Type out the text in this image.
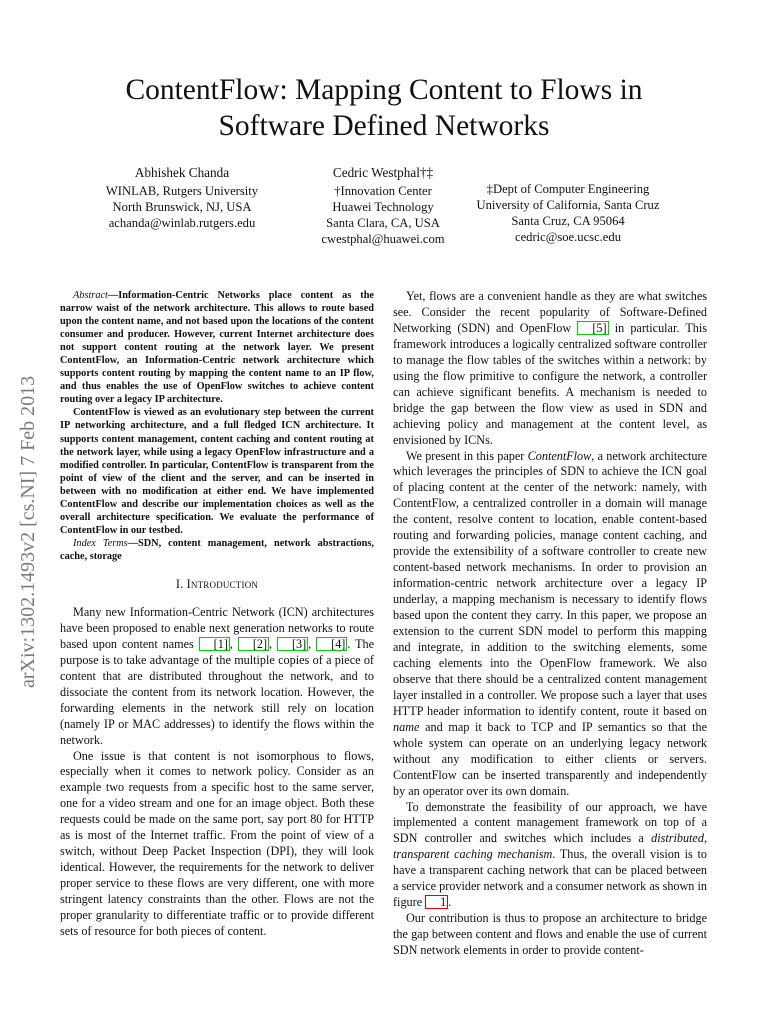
ContentFlow: Mapping Content to Flows in
Software Defined Networks
Abhishek Chanda
WINLAB, Rutgers University
North Brunswick, NJ, USA
achanda@winlab.rutgers.edu
Cedric Westphal†‡
†Innovation Center
Huawei Technology
Santa Clara, CA, USA
cwestphal@huawei.com
‡Dept of Computer Engineering
University of California, Santa Cruz
Santa Cruz, CA 95064
cedric@soe.ucsc.edu
arXiv:1302.1493v2 [cs.NI] 7 Feb 2013

Abstract—Information-Centric Networks place content as the narrow waist of the network architecture. This allows to route based upon the content name, and not based upon the locations of the content consumer and producer. However, current Internet architecture does not support content routing at the network layer. We present ContentFlow, an Information-Centric network architecture which supports content routing by mapping the content name to an IP flow, and thus enables the use of OpenFlow switches to achieve content routing over a legacy IP architecture.

ContentFlow is viewed as an evolutionary step between the current IP networking architecture, and a full fledged ICN architecture. It supports content management, content caching and content routing at the network layer, while using a legacy OpenFlow infrastructure and a modified controller. In particular, ContentFlow is transparent from the point of view of the client and the server, and can be inserted in between with no modification at either end. We have implemented ContentFlow and describe our implementation choices as well as the overall architecture specification. We evaluate the performance of ContentFlow in our testbed.

Index Terms—SDN, content management, network abstractions, cache, storage

I. Introduction

Many new Information-Centric Network (ICN) architectures have been proposed to enable next generation networks to route based upon content names [1] , [2] , [3] , [4] . The purpose is to take advantage of the multiple copies of a piece of content that are distributed throughout the network, and to dissociate the content from its network location. However, the forwarding elements in the network still rely on location (namely IP or MAC addresses) to identify the flows within the network.

One issue is that content is not isomorphous to flows, especially when it comes to network policy. Consider as an example two requests from a specific host to the same server, one for a video stream and one for an image object. Both these requests could be made on the same port, say port 80 for HTTP as is most of the Internet traffic. From the point of view of a switch, without Deep Packet Inspection (DPI), they will look identical. However, the requirements for the network to deliver proper service to these flows are very different, one with more stringent latency constraints than the other. Flows are not the proper granularity to differentiate traffic or to provide different sets of resource for both pieces of content.

Yet, flows are a convenient handle as they are what switches see. Consider the recent popularity of Software-Defined Networking (SDN) and OpenFlow [5] in particular. This framework introduces a logically centralized software controller to manage the flow tables of the switches within a network: by using the flow primitive to configure the network, a controller can achieve significant benefits. A mechanism is needed to bridge the gap between the flow view as used in SDN and achieving policy and management at the content level, as envisioned by ICNs.

We present in this paper ContentFlow, a network architecture which leverages the principles of SDN to achieve the ICN goal of placing content at the center of the network: namely, with ContentFlow, a centralized controller in a domain will manage the content, resolve content to location, enable content-based routing and forwarding policies, manage content caching, and provide the extensibility of a software controller to create new content-based network mechanisms. In order to provision an information-centric network architecture over a legacy IP underlay, a mapping mechanism is necessary to identify flows based upon the content they carry. In this paper, we propose an extension to the current SDN model to perform this mapping and integrate, in addition to the switching elements, some caching elements into the OpenFlow framework. We also observe that there should be a centralized content management layer installed in a controller. We propose such a layer that uses HTTP header information to identify content, route it based on name and map it back to TCP and IP semantics so that the whole system can operate on an underlying legacy network without any modification to either clients or servers. ContentFlow can be inserted transparently and independently by an operator over its own domain.

To demonstrate the feasibility of our approach, we have implemented a content management framework on top of a SDN controller and switches which includes a distributed, transparent caching mechanism. Thus, the overall vision is to have a transparent caching network that can be placed between a service provider network and a consumer network as shown in figure 1 .

Our contribution is thus to propose an architecture to bridge the gap between content and flows and enable the use of current SDN network elements in order to provide content-
